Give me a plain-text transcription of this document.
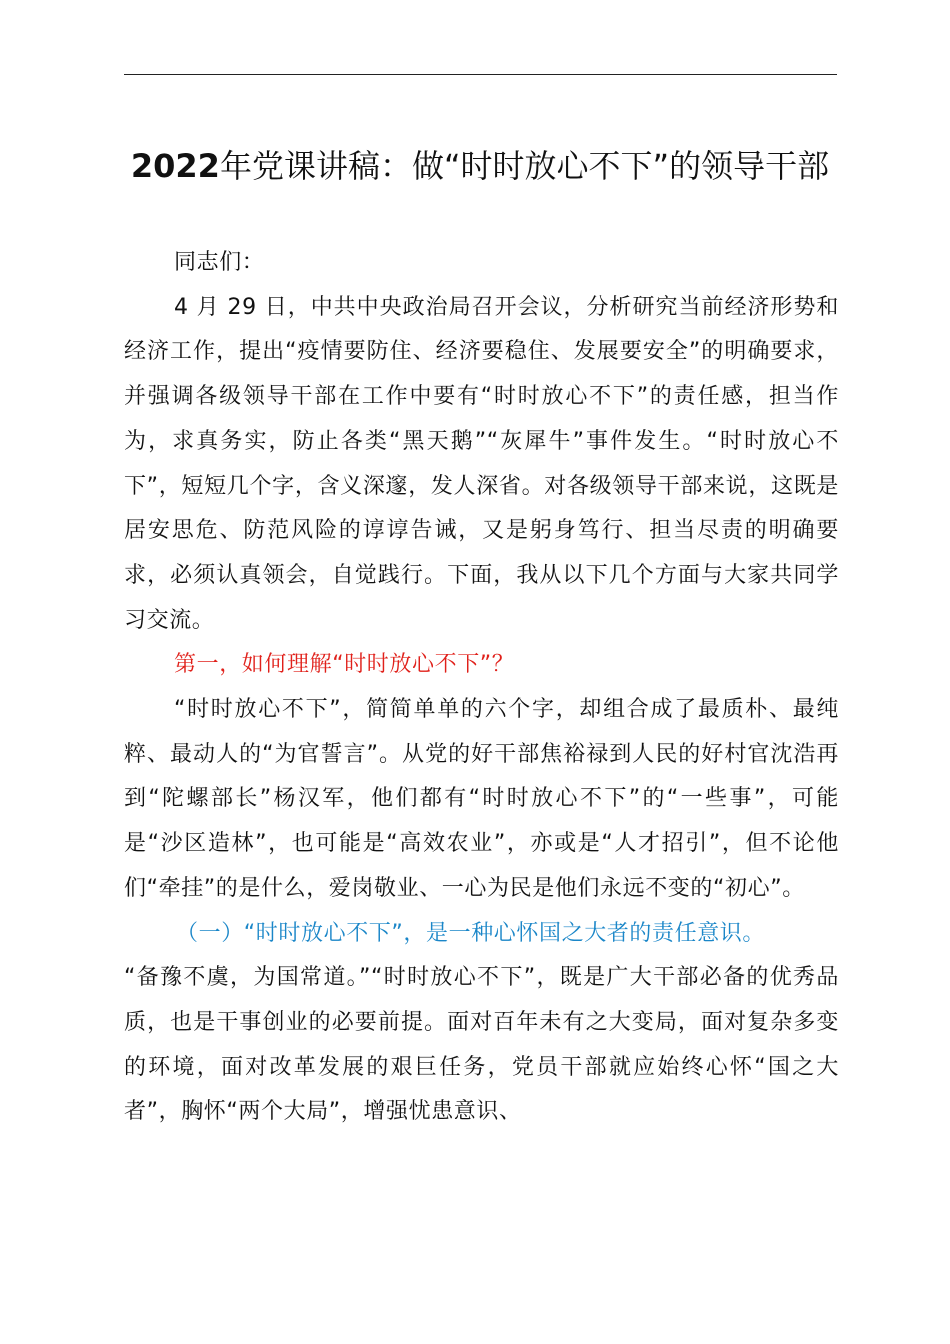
2022年党课讲稿：做“时时放心不下”的领导干部

同志们：

4 月 29 日，中共中央政治局召开会议，分析研究当前经济形势和经济工作，提出“疫情要防住、经济要稳住、发展要安全”的明确要求，并强调各级领导干部在工作中要有“时时放心不下”的责任感，担当作为，求真务实，防止各类“黑天鹅”“灰犀牛”事件发生。“时时放心不下”，短短几个字，含义深邃，发人深省。对各级领导干部来说，这既是居安思危、防范风险的谆谆告诫，又是躬身笃行、担当尽责的明确要求，必须认真领会，自觉践行。下面，我从以下几个方面与大家共同学习交流。

第一，如何理解“时时放心不下”？

“时时放心不下”，简简单单的六个字，却组合成了最质朴、最纯粹、最动人的“为官誓言”。从党的好干部焦裕禄到人民的好村官沈浩再到“陀螺部长”杨汉军，他们都有“时时放心不下”的“一些事”，可能是“沙区造林”，也可能是“高效农业”，亦或是“人才招引”，但不论他们“牵挂”的是什么，爱岗敬业、一心为民是他们永远不变的“初心”。

（一）“时时放心不下”，是一种心怀国之大者的责任意识。

“备豫不虞，为国常道。”“时时放心不下”，既是广大干部必备的优秀品质，也是干事创业的必要前提。面对百年未有之大变局，面对复杂多变的环境，面对改革发展的艰巨任务，党员干部就应始终心怀“国之大者”，胸怀“两个大局”，增强忧患意识、
